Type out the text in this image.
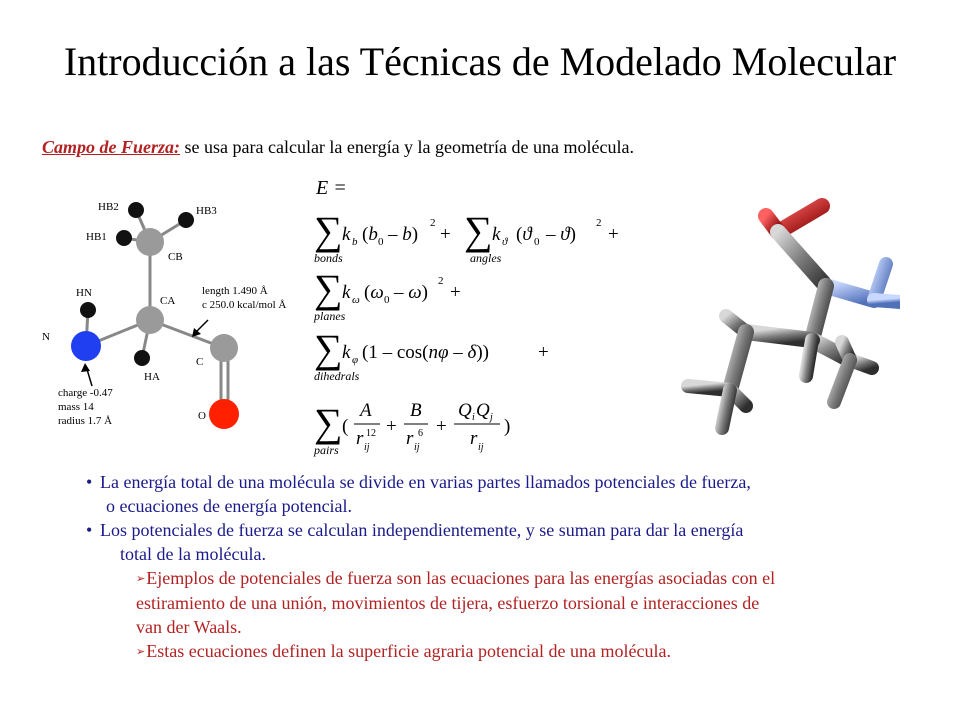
Introducción a las Técnicas de Modelado Molecular
Campo de Fuerza: se usa para calcular la energía y la geometría de una molécula.
HB2	HB3
HB1
CB
HN
CA
N
C
HA
O
length 1.490 Å
c 250.0 kcal/mol Å
charge -0.47
mass 14
radius 1.7 Å
E =
∑ k b (b 0 – b)
2
+
bonds
∑ k ϑ (ϑ 0 – ϑ)
2
+
angles
∑ k ω (ω 0 – ω)
2
+
planes
∑ k φ (1 – cos(nφ – δ))	+
dihedrals
∑ (
A
r ij
12 +
B
r ij
6 +
Q i Q j
r ij
)
pairs
• La energía total de una molécula se divide en varias partes llamados potenciales de fuerza,
o ecuaciones de energía potencial.
• Los potenciales de fuerza se calculan independientemente, y se suman para dar la energía
total de la molécula.
➢Ejemplos de potenciales de fuerza son las ecuaciones para las energías asociadas con el
estiramiento de una unión, movimientos de tijera, esfuerzo torsional e interacciones de
van der Waals.
➢Estas ecuaciones definen la superficie agraria potencial de una molécula.
